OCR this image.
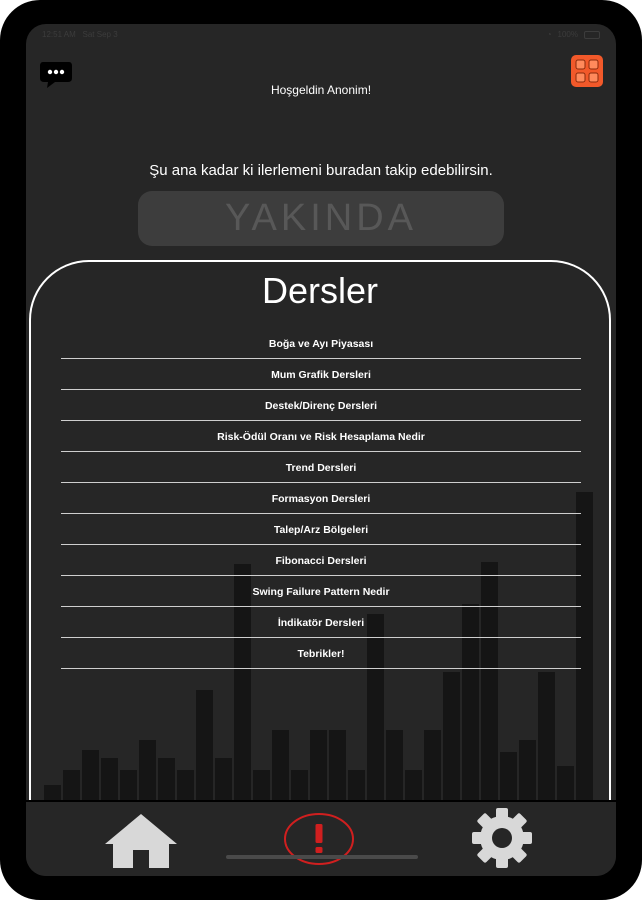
12:51 AM Sat Sep 3	◔ 100%
Hoşgeldin Anonim!
Şu ana kadar ki ilerlemeni buradan takip edebilirsin.
YAKINDA
Dersler
Boğa ve Ayı Piyasası
Mum Grafik Dersleri
Destek/Direnç Dersleri
Risk-Ödül Oranı ve Risk Hesaplama Nedir
Trend Dersleri
Formasyon Dersleri
Talep/Arz Bölgeleri
Fibonacci Dersleri
Swing Failure Pattern Nedir
İndikatör Dersleri
Tebrikler!
